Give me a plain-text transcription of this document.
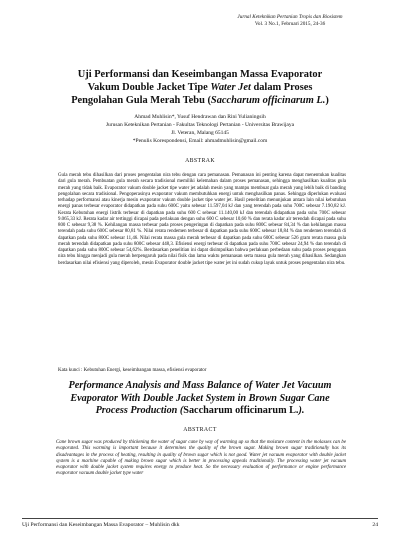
Jurnal Keteknikan Pertanian Tropis dan Biosistem
Vol. 3 No.1, Februari 2015, 24-36
Uji Performansi dan Keseimbangan Massa Evaporator
Vakum Double Jacket Tipe Water Jet dalam Proses
Pengolahan Gula Merah Tebu (Saccharum officinarum L.)
Ahmad Muhlisin*, Yusuf Hendrawan dan Rini Yulianingsih
Jurusan Keteknikan Pertanian - Fakultas Teknologi Pertanian - Universitas Brawijaya
Jl. Veteran, Malang 65145
*Penulis Korespondensi, Email: ahmadmuhlisin@gmail.com
ABSTRAK

Gula merah tebu dihasilkan dari proses pengentalan nira tebu dengan cara pemanasan. Pemanasan ini penting karena dapat menentukan kualitas dari gula merah. Pembuatan gula merah secara tradisional memiliki kelemahan dalam proses pemanasan, sehingga menghasilkan kualitas gula merah yang tidak baik. Evaporator vakum double jacket tipe water jet adalah mesin yang mampu membuat gula merah yang lebih baik di banding pengolahan secara tradisional. Pengoperasinya evaporator vakum membutuhkan energi untuk menghasilkan panas. Sehingga diperlukan evaluasi terhadap performansi atau kinerja mesin evaporator vakum double jacket tipe water jet. Hasil penelitian menunjukan antara lain nilai kebutuhan energi panas terbesar evaporator didapatkan pada suhu 600C yaitu sebesar 11.597,04 kJ dan yang terendah pada suhu 700C sebesar 7.190,82 kJ. Kerata Kebutuhan energi listrik terbesar di dapatkan pada suhu 600 C sebesar 11.140,00 kJ dan terendah didapatkan pada suhu 700C sebesar 9.065,33 kJ. Rerata kadar air tertinggi dicapai pada perlakuan dengan suhu 600 C sebesar 10,60 % dan rerata kadar air terendah dicapai pada suhu 800 C sebesar 9,38 %. Kehilangan massa terbesar pada proses pengeringan di dapatkan pada suhu 800C sebesar 84,34 % dan kehilangan massa terendah pada suhu 600C sebesar 80,81 %. Nilai rerata rendemen terbesar di dapatkan pada suhu 600C sebesar 18,84 % dan rendemen terendah di dapatkan pada suhu 800C sebesar 11,46. Nilai rerata massa gula merah terbesar di dapatkan pada suhu 600C sebesar 526 gram rerata massa gula merah terendah didapatkan pada suhu 800C sebesar 448,3. Efisiensi energi terbesar di dapatkan pada suhu 700C sebesar 24,94 % dan terendah di dapatkan pada suhu 800C sebesar 54,62%. Berdasarkan penelitian ini dapat disimpulkan bahwa perlakuan perbedaan suhu pada proses pengupan nira tebu hingga menjadi gula merah berpengaruh pada nilai fisik dan lama waktu pemanasan serta massa gula merah yang dihasilkan. Sedangkan berdasarkan nilai efisiensi yang diperoleh, mesin Evaporator double jacket tipe water jet ini sudah cukup layak untuk proses pengentalan nira tebu.

Kata kunci : Kebutuhan Energi, keseimbangan massa, efisiensi evaporator
Performance Analysis and Mass Balance of Water Jet Vacuum
Evaporator With Double Jacket System in Brown Sugar Cane
Process Production (Saccharum officinarum L.).
ABSTRACT

Cane brown sugar was produced by thickening the water of sugar cane by way of warming up so that the moisture content in the molasses can be evaporated. This warming is important because it determines the quality of the brown sugar. Making brown sugar traditionally has its disadvantages in the process of heating, resulting in quality of brown sugar which is not good. Water jet vacuum evaporator with double jacket system is a machine capable of making brown sugar which is better in processing appeals traditionally. The processing water jet vacuum evaporator with double jacket system requires energy to produce heat. So the necessary evaluation of performance or engine performance evaporator vacuum double jacket type water

Uji Performansi dan Keseimbangan Massa Evaporator – Muhlisin dkk	24
